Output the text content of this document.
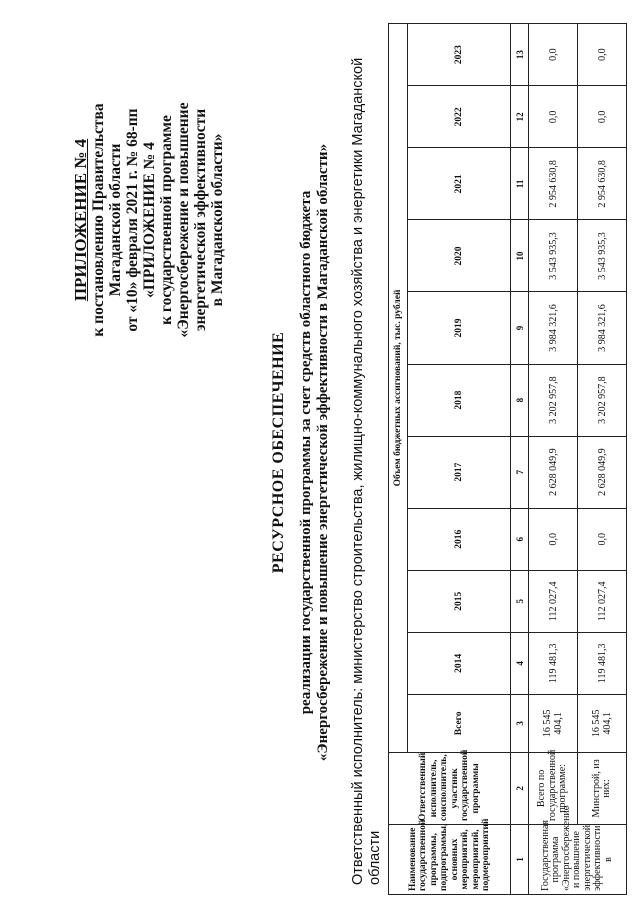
ПРИЛОЖЕНИЕ № 4 к постановлению Правительства Магаданской области от «10» февраля 2021 г. № 68-пп «ПРИЛОЖЕНИЕ № 4 к государственной программе «Энергосбережение и повышение энергетической эффективности в Магаданской области»
РЕСУРСНОЕ ОБЕСПЕЧЕНИЕ реализации государственной программы за счет средств областного бюджета «Энергосбережение и повышение энергетической эффективности в Магаданской области» Ответственный исполнитель: министерство строительства, жилищно-коммунального хозяйства и энергетики Магаданской области	Наименование государственной программы, подпрограммы, основных мероприятий, мероприятий, подмероприятий	Ответственный исполнитель, соисполнитель, участник государственной программы	Объем бюджетных ассигнований, тыс. рублей										
		Всего	2014	2015	2016	2017	2018	2019	2020	2021	2022	2023
1	2	3	4	5	6	7	8	9	10	11	12	13
Государственная программа «Энергосбережение и повышение энергетической эффективности в	Всего по государственной программе:	16 545 404,1	119 481,3	112 027,4	0,0	2 628 049,9	3 202 957,8	3 984 321,6	3 543 935,3	2 954 630,8	0,0	0,0
	Минстрой, из них:	16 545 404,1	119 481,3	112 027,4	0,0	2 628 049,9	3 202 957,8	3 984 321,6	3 543 935,3	2 954 630,8	0,0	0,0
